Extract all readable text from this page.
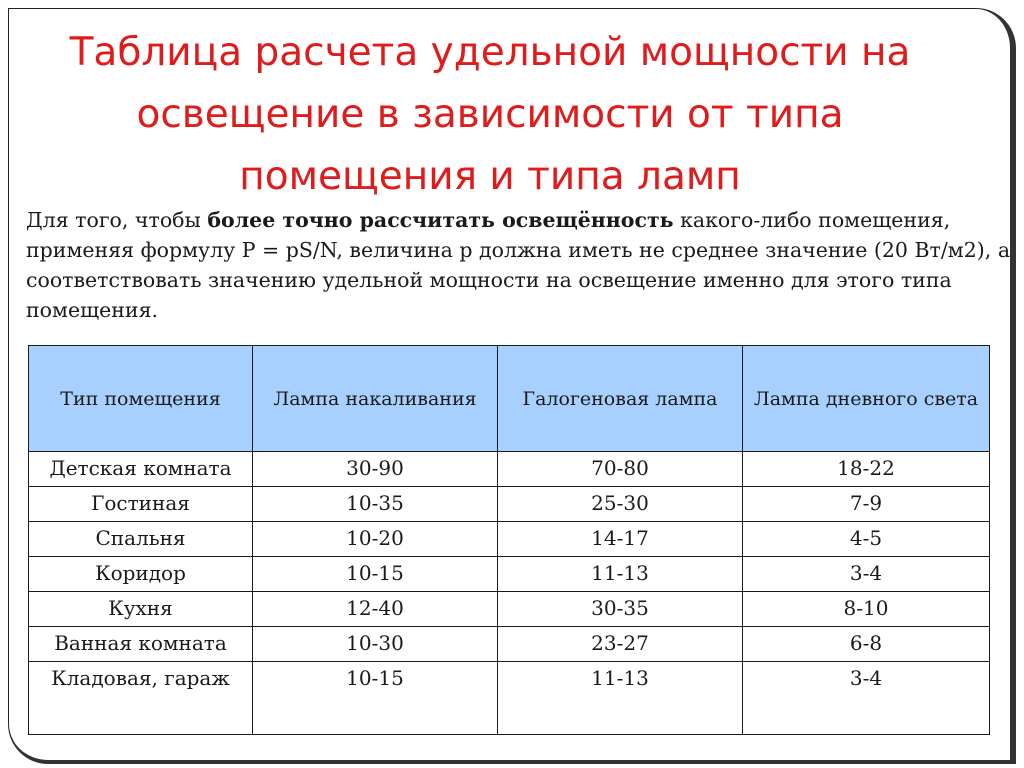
Таблица расчета удельной мощности на освещение в зависимости от типа помещения и типа ламп

Для того, чтобы более точно рассчитать освещённость какого-либо помещения, применяя формулу P = pS/N, величина p должна иметь не среднее значение (20 Вт/м2), а соответствовать значению удельной мощности на освещение именно для этого типа помещения.

Тип помещения	Лампа накаливания	Галогеновая лампа	Лампа дневного света
Детская комната	30-90	70-80	18-22
Гостиная	10-35	25-30	7-9
Спальня	10-20	14-17	4-5
Коридор	10-15	11-13	3-4
Кухня	12-40	30-35	8-10
Ванная комната	10-30	23-27	6-8
Кладовая, гараж	10-15	11-13	3-4
